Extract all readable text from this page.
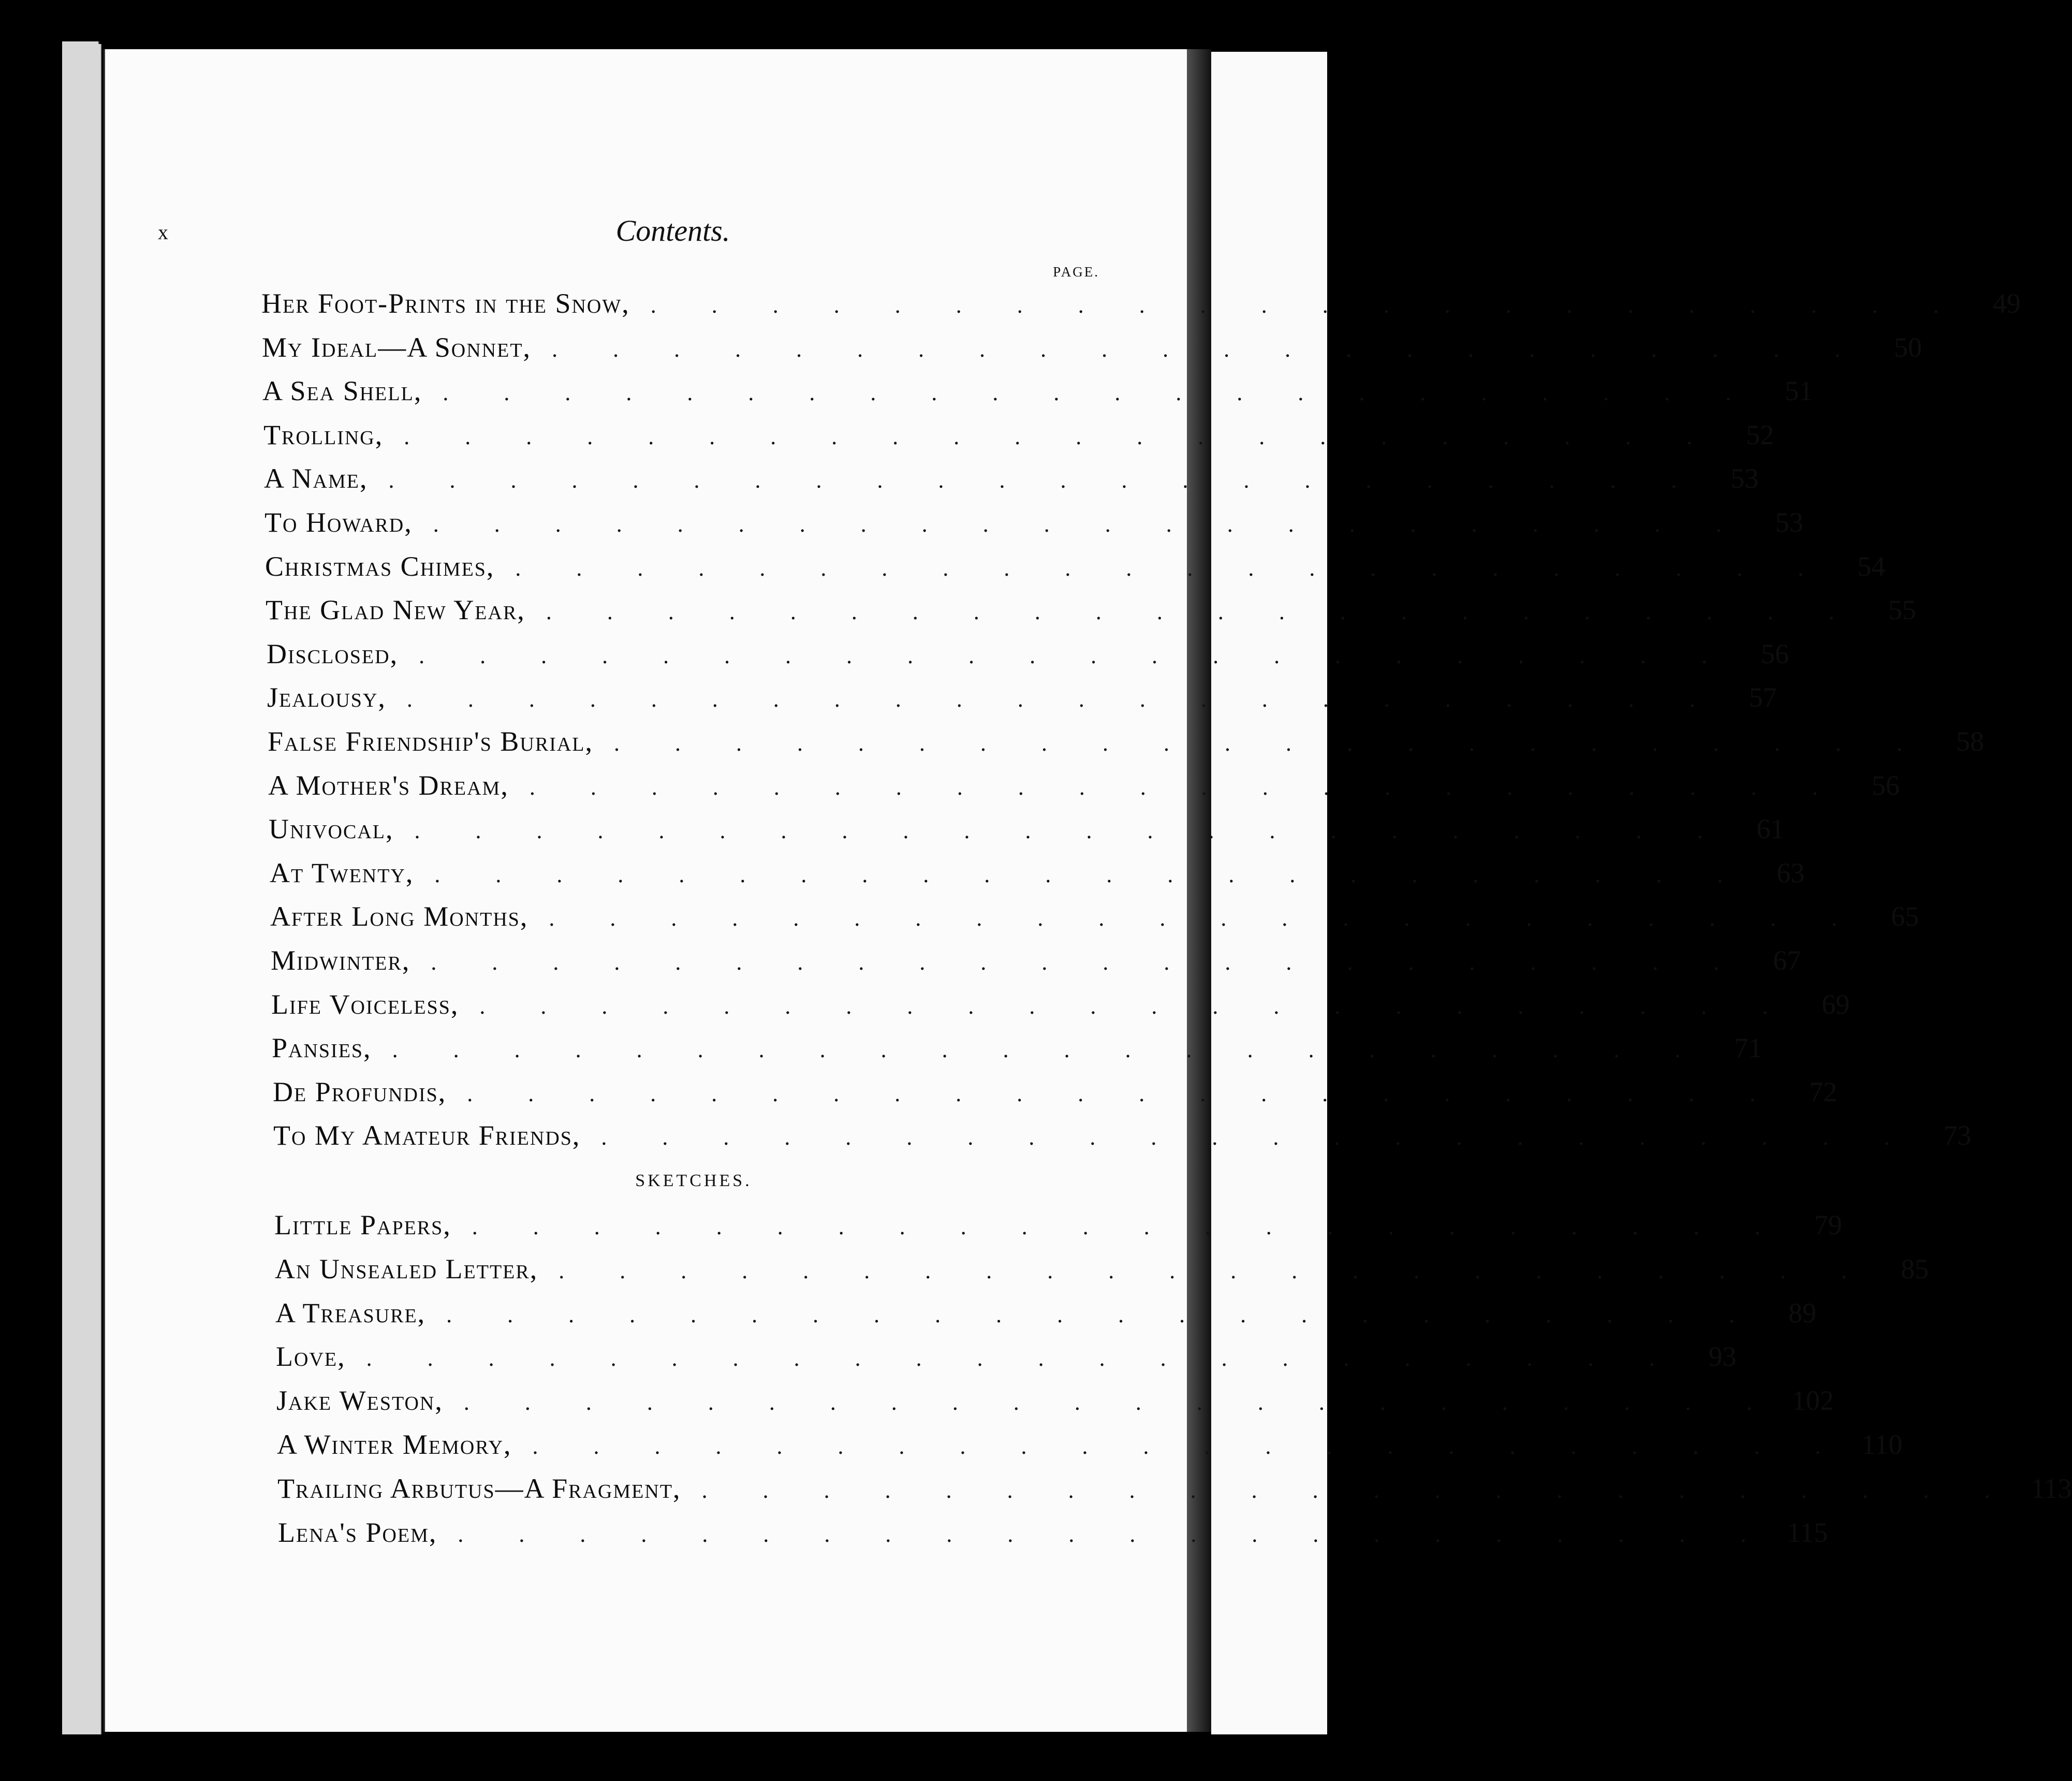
x	Contents.
PAGE.
Her Foot-Prints in the Snow, . . . . . . . . . . . . . . . . . . . . . .	49
My Ideal—A Sonnet, . . . . . . . . . . . . . . . . . . . . . .	50
A Sea Shell, . . . . . . . . . . . . . . . . . . . . . .	51
Trolling, . . . . . . . . . . . . . . . . . . . . . .	52
A Name, . . . . . . . . . . . . . . . . . . . . . .	53
To Howard, . . . . . . . . . . . . . . . . . . . . . .	53
Christmas Chimes, . . . . . . . . . . . . . . . . . . . . . .	54
The Glad New Year, . . . . . . . . . . . . . . . . . . . . . .	55
Disclosed, . . . . . . . . . . . . . . . . . . . . . .	56
Jealousy, . . . . . . . . . . . . . . . . . . . . . .	57
False Friendship's Burial, . . . . . . . . . . . . . . . . . . . . . .	58
A Mother's Dream, . . . . . . . . . . . . . . . . . . . . . .	56
Univocal, . . . . . . . . . . . . . . . . . . . . . .	61
At Twenty, . . . . . . . . . . . . . . . . . . . . . .	63
After Long Months, . . . . . . . . . . . . . . . . . . . . . .	65
Midwinter, . . . . . . . . . . . . . . . . . . . . . .	67
Life Voiceless, . . . . . . . . . . . . . . . . . . . . . .	69
Pansies, . . . . . . . . . . . . . . . . . . . . . .	71
De Profundis, . . . . . . . . . . . . . . . . . . . . . .	72
To My Amateur Friends, . . . . . . . . . . . . . . . . . . . . . .	73
SKETCHES.
Little Papers, . . . . . . . . . . . . . . . . . . . . . .	79
An Unsealed Letter, . . . . . . . . . . . . . . . . . . . . . .	85
A Treasure, . . . . . . . . . . . . . . . . . . . . . .	89
Love, . . . . . . . . . . . . . . . . . . . . . .	93
Jake Weston, . . . . . . . . . . . . . . . . . . . . . . 102
A Winter Memory, . . . . . . . . . . . . . . . . . . . . . . 110
Trailing Arbutus—A Fragment, . . . . . . . . . . . . . . . . . . . . . . 113
Lena's Poem, . . . . . . . . . . . . . . . . . . . . . . 115
